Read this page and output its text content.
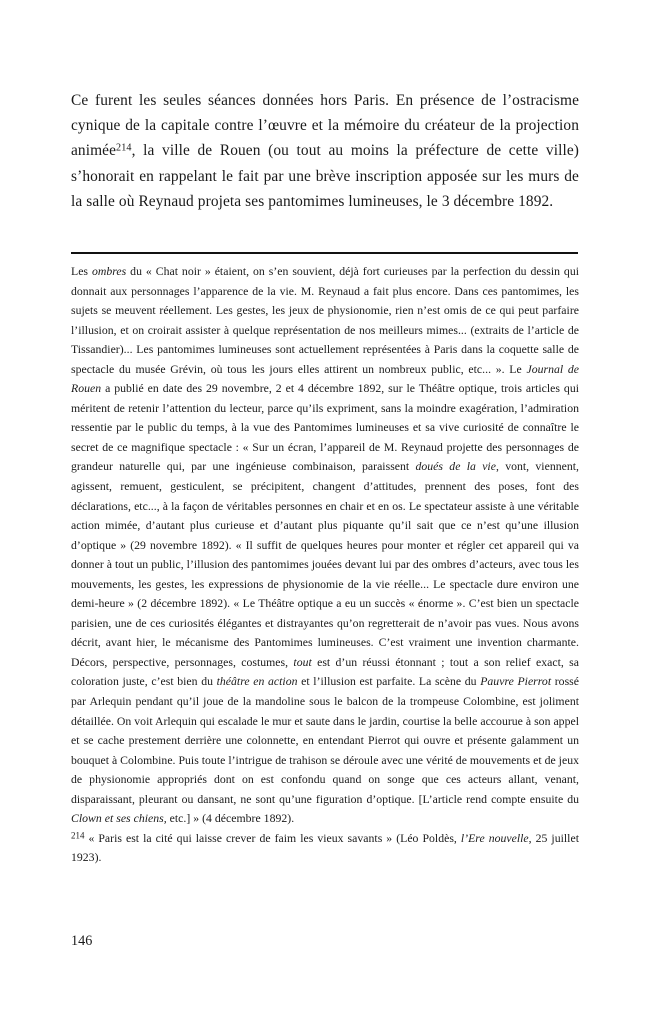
Ce furent les seules séances données hors Paris. En présence de l’ostracisme cynique de la capitale contre l’œuvre et la mémoire du créateur de la projection animée$^{214}$, la ville de Rouen (ou tout au moins la préfecture de cette ville) s’honorait en rappelant le fait par une brève inscription apposée sur les murs de la salle où Reynaud projeta ses pantomimes lumineuses, le 3 décembre 1892.

Les ombres du « Chat noir » étaient, on s’en souvient, déjà fort curieuses par la perfection du dessin qui donnait aux personnages l’apparence de la vie. M. Reynaud a fait plus encore. Dans ces pantomimes, les sujets se meuvent réellement. Les gestes, les jeux de physionomie, rien n’est omis de ce qui peut parfaire l’illusion, et on croirait assister à quelque représentation de nos meilleurs mimes... (extraits de l’article de Tissandier)... Les pantomimes lumineuses sont actuellement représentées à Paris dans la coquette salle de spectacle du musée Grévin, où tous les jours elles attirent un nombreux public, etc... ». Le Journal de Rouen a publié en date des 29 novembre, 2 et 4 décembre 1892, sur le Théâtre optique, trois articles qui méritent de retenir l’attention du lecteur, parce qu’ils expriment, sans la moindre exagération, l’admiration ressentie par le public du temps, à la vue des Pantomimes lumineuses et sa vive curiosité de connaître le secret de ce magnifique spectacle : « Sur un écran, l’appareil de M. Reynaud projette des personnages de grandeur naturelle qui, par une ingénieuse combinaison, paraissent doués de la vie, vont, viennent, agissent, remuent, gesticulent, se précipitent, changent d’attitudes, prennent des poses, font des déclarations, etc..., à la façon de véritables personnes en chair et en os. Le spectateur assiste à une véritable action mimée, d’autant plus curieuse et d’autant plus piquante qu’il sait que ce n’est qu’une illusion d’optique » (29 novembre 1892). « Il suffit de quelques heures pour monter et régler cet appareil qui va donner à tout un public, l’illusion des pantomimes jouées devant lui par des ombres d’acteurs, avec tous les mouvements, les gestes, les expressions de physionomie de la vie réelle... Le spectacle dure environ une demi-heure » (2 décembre 1892). « Le Théâtre optique a eu un succès « énorme ». C’est bien un spectacle parisien, une de ces curiosités élégantes et distrayantes qu’on regretterait de n’avoir pas vues. Nous avons décrit, avant hier, le mécanisme des Pantomimes lumineuses. C’est vraiment une invention charmante. Décors, perspective, personnages, costumes, tout est d’un réussi étonnant ; tout a son relief exact, sa coloration juste, c’est bien du théâtre en action et l’illusion est parfaite. La scène du Pauvre Pierrot rossé par Arlequin pendant qu’il joue de la mandoline sous le balcon de la trompeuse Colombine, est joliment détaillée. On voit Arlequin qui escalade le mur et saute dans le jardin, courtise la belle accourue à son appel et se cache prestement derrière une colonnette, en entendant Pierrot qui ouvre et présente galamment un bouquet à Colombine. Puis toute l’intrigue de trahison se déroule avec une vérité de mouvements et de jeux de physionomie appropriés dont on est confondu quand on songe que ces acteurs allant, venant, disparaissant, pleurant ou dansant, ne sont qu’une figuration d’optique. [L’article rend compte ensuite du Clown et ses chiens, etc.] » (4 décembre 1892).

$^{214}$ « Paris est la cité qui laisse crever de faim les vieux savants » (Léo Poldès, l’Ere nouvelle, 25 juillet 1923).

146
